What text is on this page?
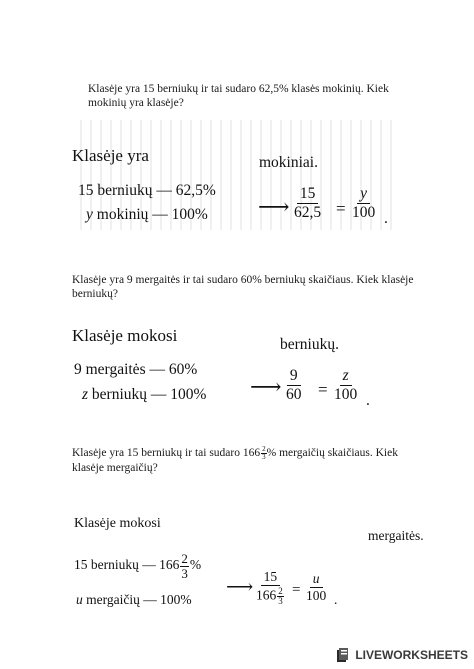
Klasėje yra 15 berniukų ir tai sudaro 62,5% klasės mokinių. Kiek mokinių yra klasėje?
Klasėje yra	mokiniai.
15 berniukų — 62,5%
y mokinių — 100% ⟶ $\frac{15}{62,5} = \frac{y}{100}$ .
Klasėje yra 9 mergaitės ir tai sudaro 60% berniukų skaičiaus. Kiek klasėje berniukų?
Klasėje mokosi	berniukų.
9 mergaitės — 60%
z berniukų — 100% ⟶ $\frac{9}{60} = \frac{z}{100}$ .
Klasėje yra 15 berniukų ir tai sudaro $166 \frac{2}{3}$ % mergaičių skaičiaus. Kiek
klasėje mergaičių?
Klasėje mokosi
mergaitės.
15 berniukų — $166 \frac{2}{3}$ %
u mergaičių — 100%
⟶ $\frac{15}{166 \frac{2}{3}} = \frac{u}{100}$ .
LIVEWORKSHEETS
